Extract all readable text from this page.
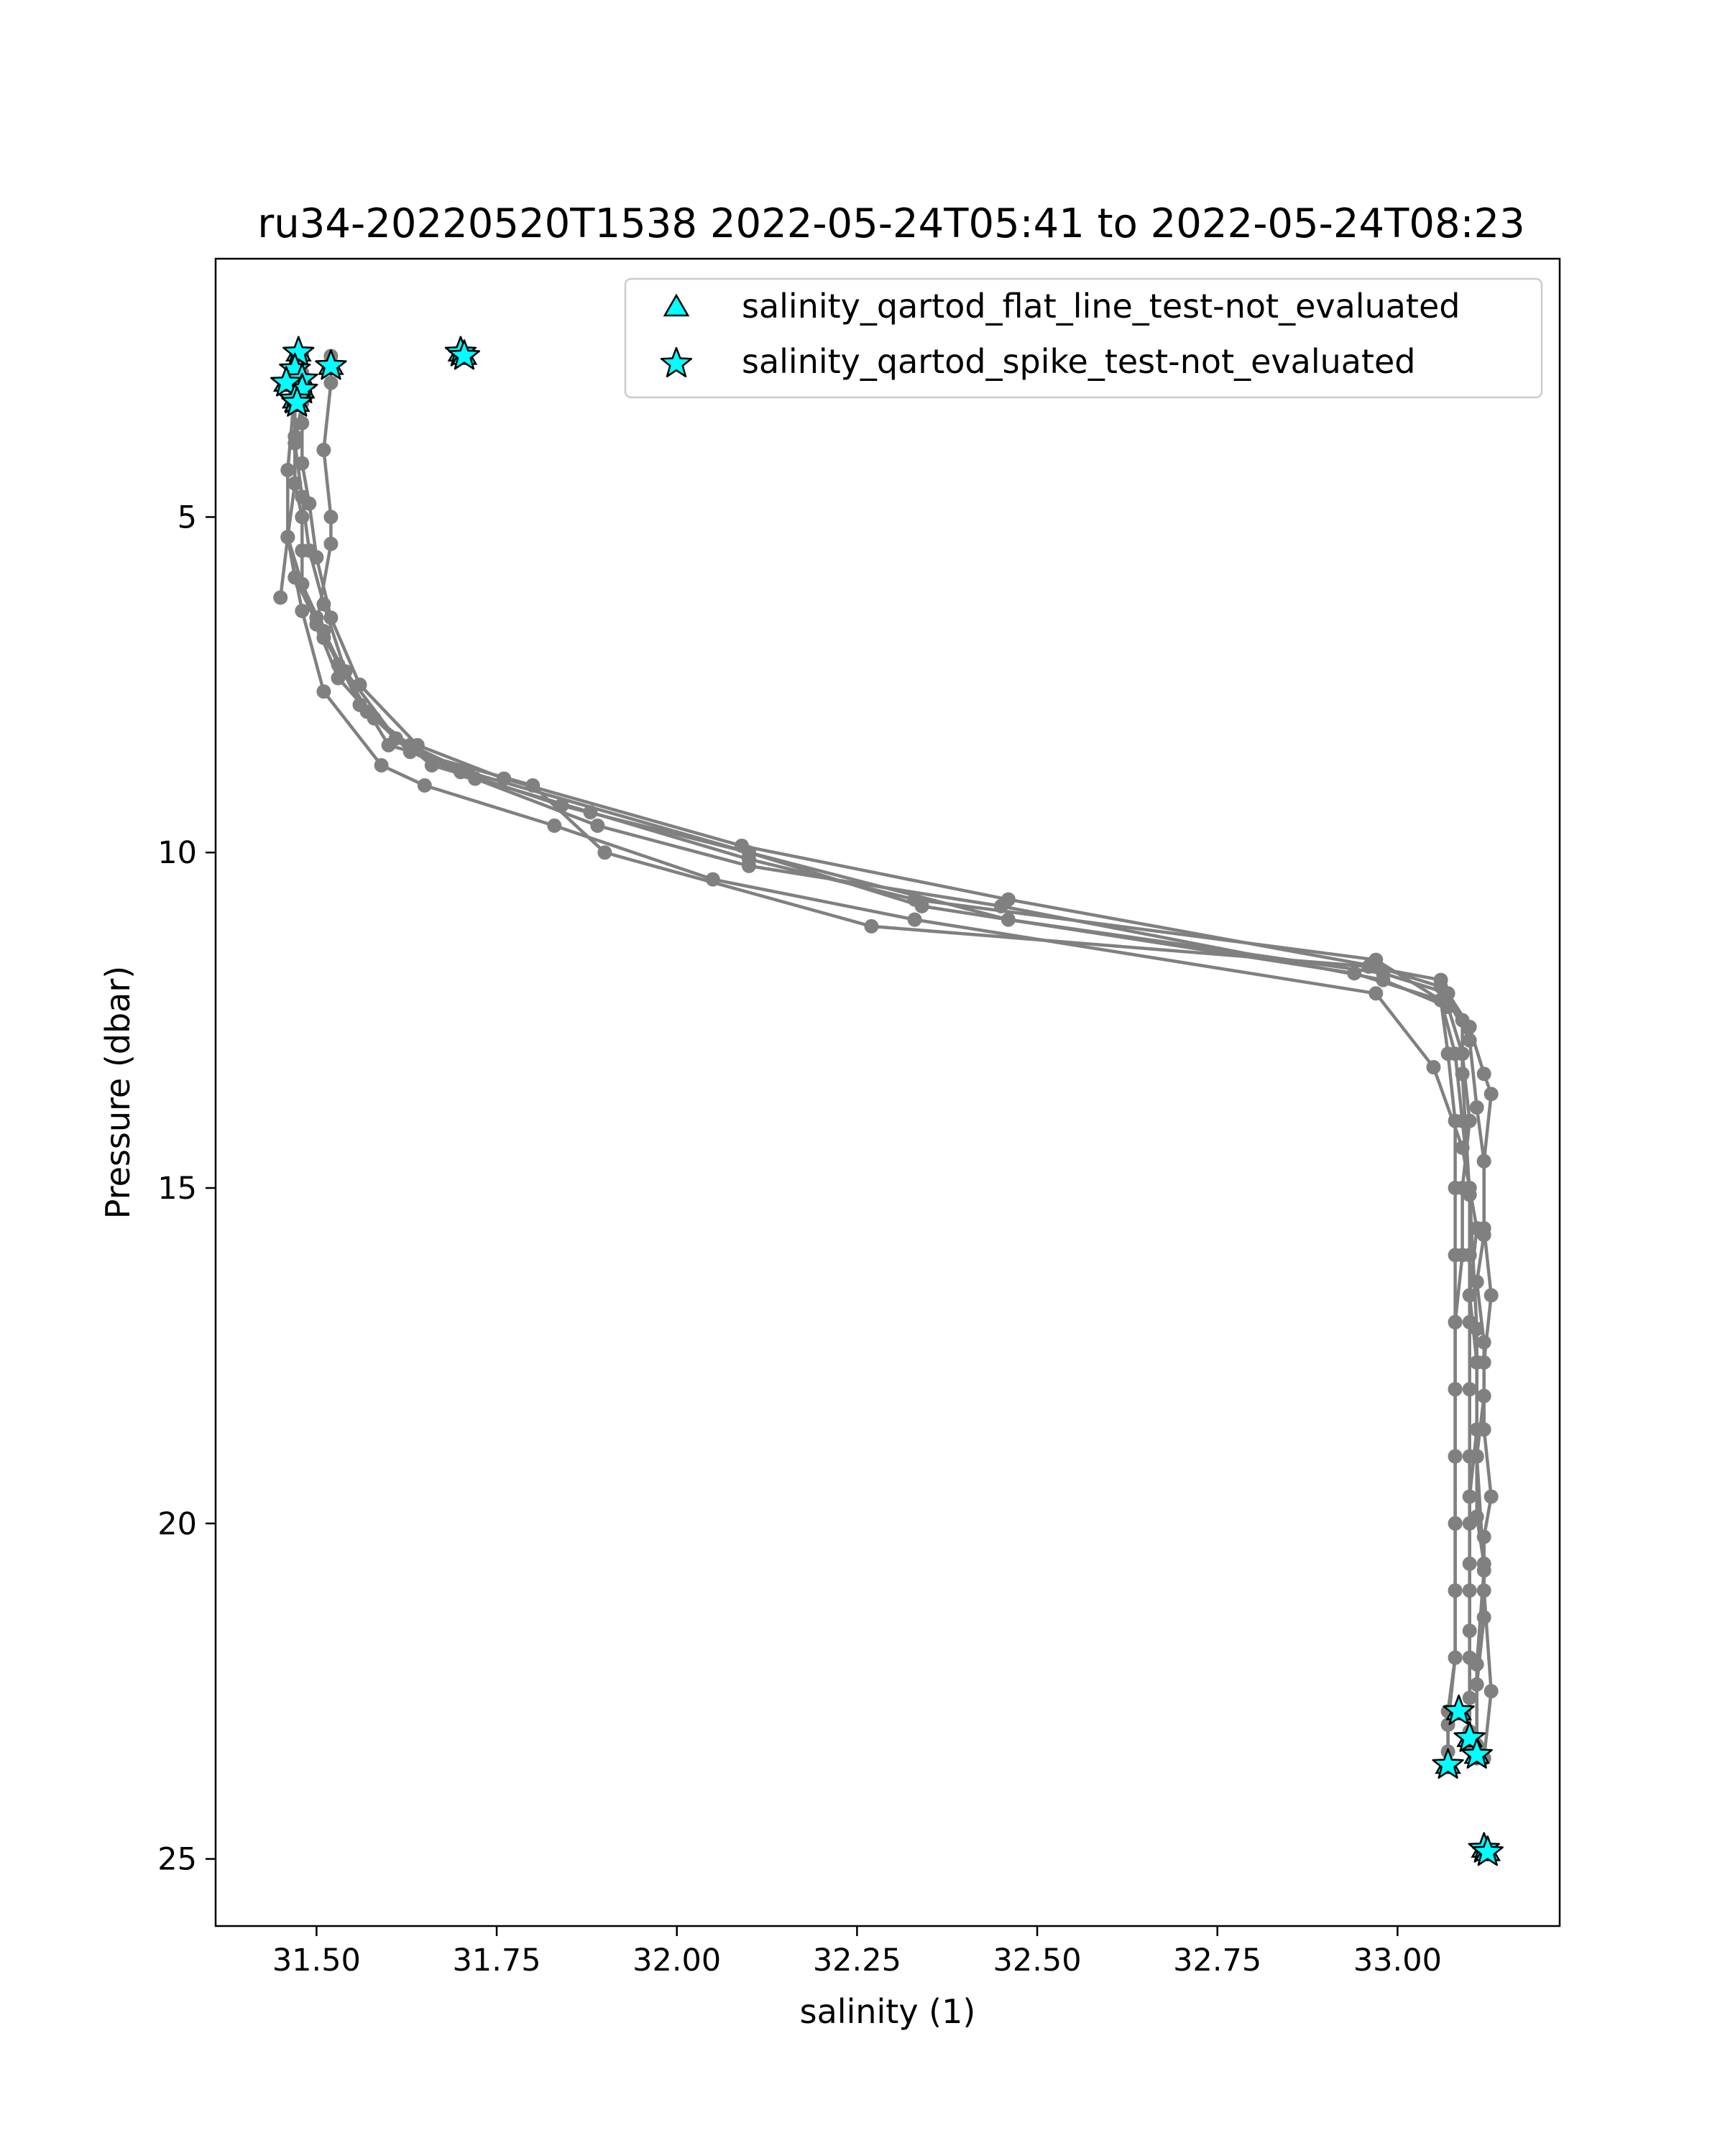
ru34-20220520T1538 2022-05-24T05:41 to 2022-05-24T08:23
31.50	31.75	32.00	32.25	32.50	32.75	33.00
5
10
15
20
25
salinity (1)
Pressure (dbar)
salinity_qartod_flat_line_test-not_evaluated
salinity_qartod_spike_test-not_evaluated
